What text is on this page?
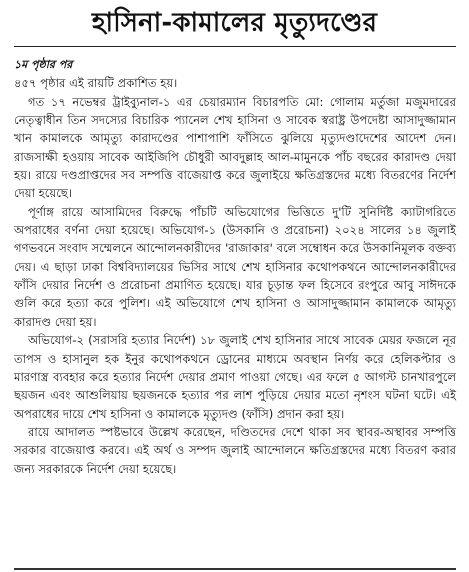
হাসিনা-কামালের মৃত্যুদণ্ডের

১ম পৃষ্ঠার পর

৪৫৭ পৃষ্ঠার এই রায়টি প্রকাশিত হয়।

গত ১৭ নভেম্বর ট্রাইব্যুনাল-১ এর চেয়ারম্যান বিচারপতি মো: গোলাম মর্তুজা মজুমদারের নেতৃত্বাধীন তিন সদস্যের বিচারিক প্যানেল শেখ হাসিনা ও সাবেক স্বরাষ্ট্র উপদেষ্টা আসাদুজ্জামান খান কামালকে আমৃত্যু কারাদণ্ডের পাশাপাশি ফাঁসিতে ঝুলিয়ে মৃত্যুদণ্ডাদেশের আদেশ দেন। রাজসাক্ষী হওয়ায় সাবেক আইজিপি চৌধুরী আবদুল্লাহ আল-মামুনকে পাঁচ বছরের কারাদণ্ড দেয়া হয়। রায়ে দণ্ডপ্রাপ্তদের সব সম্পত্তি বাজেয়াপ্ত করে জুলাইয়ে ক্ষতিগ্রস্তদের মধ্যে বিতরণের নির্দেশ দেয়া হয়েছে।

পূর্ণাঙ্গ রায়ে আসামিদের বিরুদ্ধে পাঁচটি অভিযোগের ভিত্তিতে দু'টি সুনির্দিষ্ট ক্যাটাগরিতে অপরাধের বর্ণনা দেয়া হয়েছে। অভিযোগ-১ (উসকানি ও প্ররোচনা) ২০২৪ সালের ১৪ জুলাই গণভবনে সংবাদ সম্মেলনে আন্দোলনকারীদের 'রাজাকার' বলে সম্বোধন করে উসকানিমূলক বক্তব্য দেয়। এ ছাড়া ঢাকা বিশ্ববিদ্যালয়ের ভিসির সাথে শেখ হাসিনার কথোপকথনে আন্দোলনকারীদের ফাঁসি দেয়ার নির্দেশ ও প্ররোচনা প্রমাণিত হয়েছে। যার চূড়ান্ত ফল হিসেবে রংপুরে আবু সাঈদকে গুলি করে হত্যা করে পুলিশ। এই অভিযোগে শেখ হাসিনা ও আসাদুজ্জামান কামালকে আমৃত্যু কারাদণ্ড দেয়া হয়।

অভিযোগ-২ (সরাসরি হত্যার নির্দেশ) ১৮ জুলাই শেখ হাসিনার সাথে সাবেক মেয়র ফজলে নূর তাপস ও হাসানুল হক ইনুর কথোপকথনে ড্রোনের মাধ্যমে অবস্থান নির্ণয় করে হেলিকপ্টার ও মারণাস্ত্র ব্যবহার করে হত্যার নির্দেশ দেয়ার প্রমাণ পাওয়া গেছে। এর ফলে ৫ আগস্ট চানখারপুলে ছয়জন এবং আশুলিয়ায় ছয়জনকে হত্যার পর লাশ পুড়িয়ে দেয়ার মতো নৃশংস ঘটনা ঘটে। এই অপরাধের দায়ে শেখ হাসিনা ও কামালকে মৃত্যুদণ্ড (ফাঁসি) প্রদান করা হয়।

রায়ে আদালত স্পষ্টভাবে উল্লেখ করেছেন, দণ্ডিতদের দেশে থাকা সব স্থাবর-অস্থাবর সম্পত্তি সরকার বাজেয়াপ্ত করবে। এই অর্থ ও সম্পদ জুলাই আন্দোলনে ক্ষতিগ্রস্তদের মধ্যে বিতরণ করার জন্য সরকারকে নির্দেশ দেয়া হয়েছে।
